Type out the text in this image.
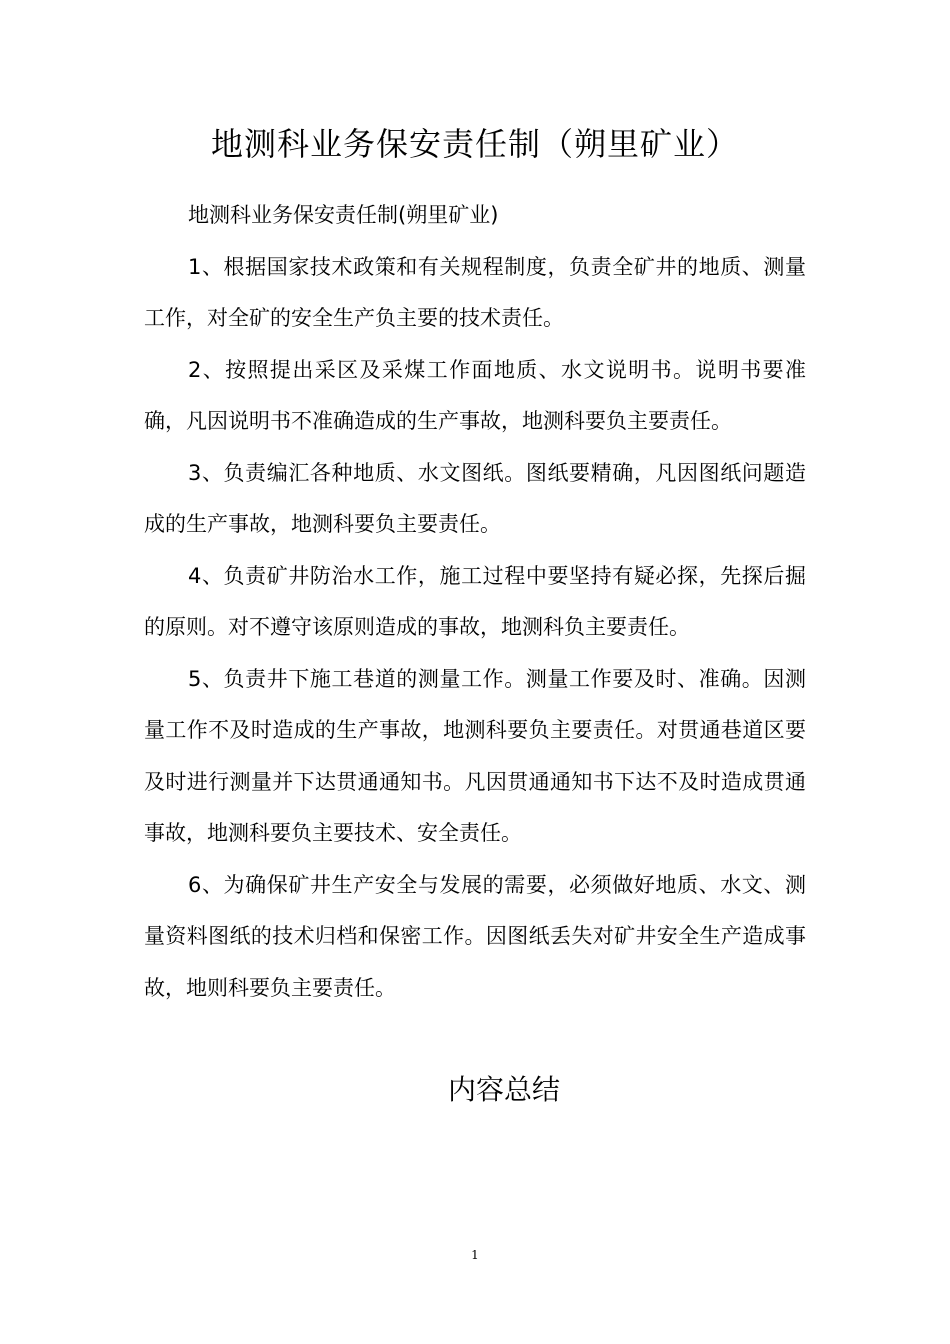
地测科业务保安责任制（朔里矿业）

地测科业务保安责任制(朔里矿业)

1、根据国家技术政策和有关规程制度，负责全矿井的地质、测量工作，对全矿的安全生产负主要的技术责任。

2、按照提出采区及采煤工作面地质、水文说明书。说明书要准确，凡因说明书不准确造成的生产事故，地测科要负主要责任。

3、负责编汇各种地质、水文图纸。图纸要精确，凡因图纸问题造成的生产事故，地测科要负主要责任。

4、负责矿井防治水工作，施工过程中要坚持有疑必探，先探后掘的原则。对不遵守该原则造成的事故，地测科负主要责任。

5、负责井下施工巷道的测量工作。测量工作要及时、准确。因测量工作不及时造成的生产事故，地测科要负主要责任。对贯通巷道区要及时进行测量并下达贯通通知书。凡因贯通通知书下达不及时造成贯通事故，地测科要负主要技术、安全责任。

6、为确保矿井生产安全与发展的需要，必须做好地质、水文、测量资料图纸的技术归档和保密工作。因图纸丢失对矿井安全生产造成事故，地则科要负主要责任。

内容总结
1
